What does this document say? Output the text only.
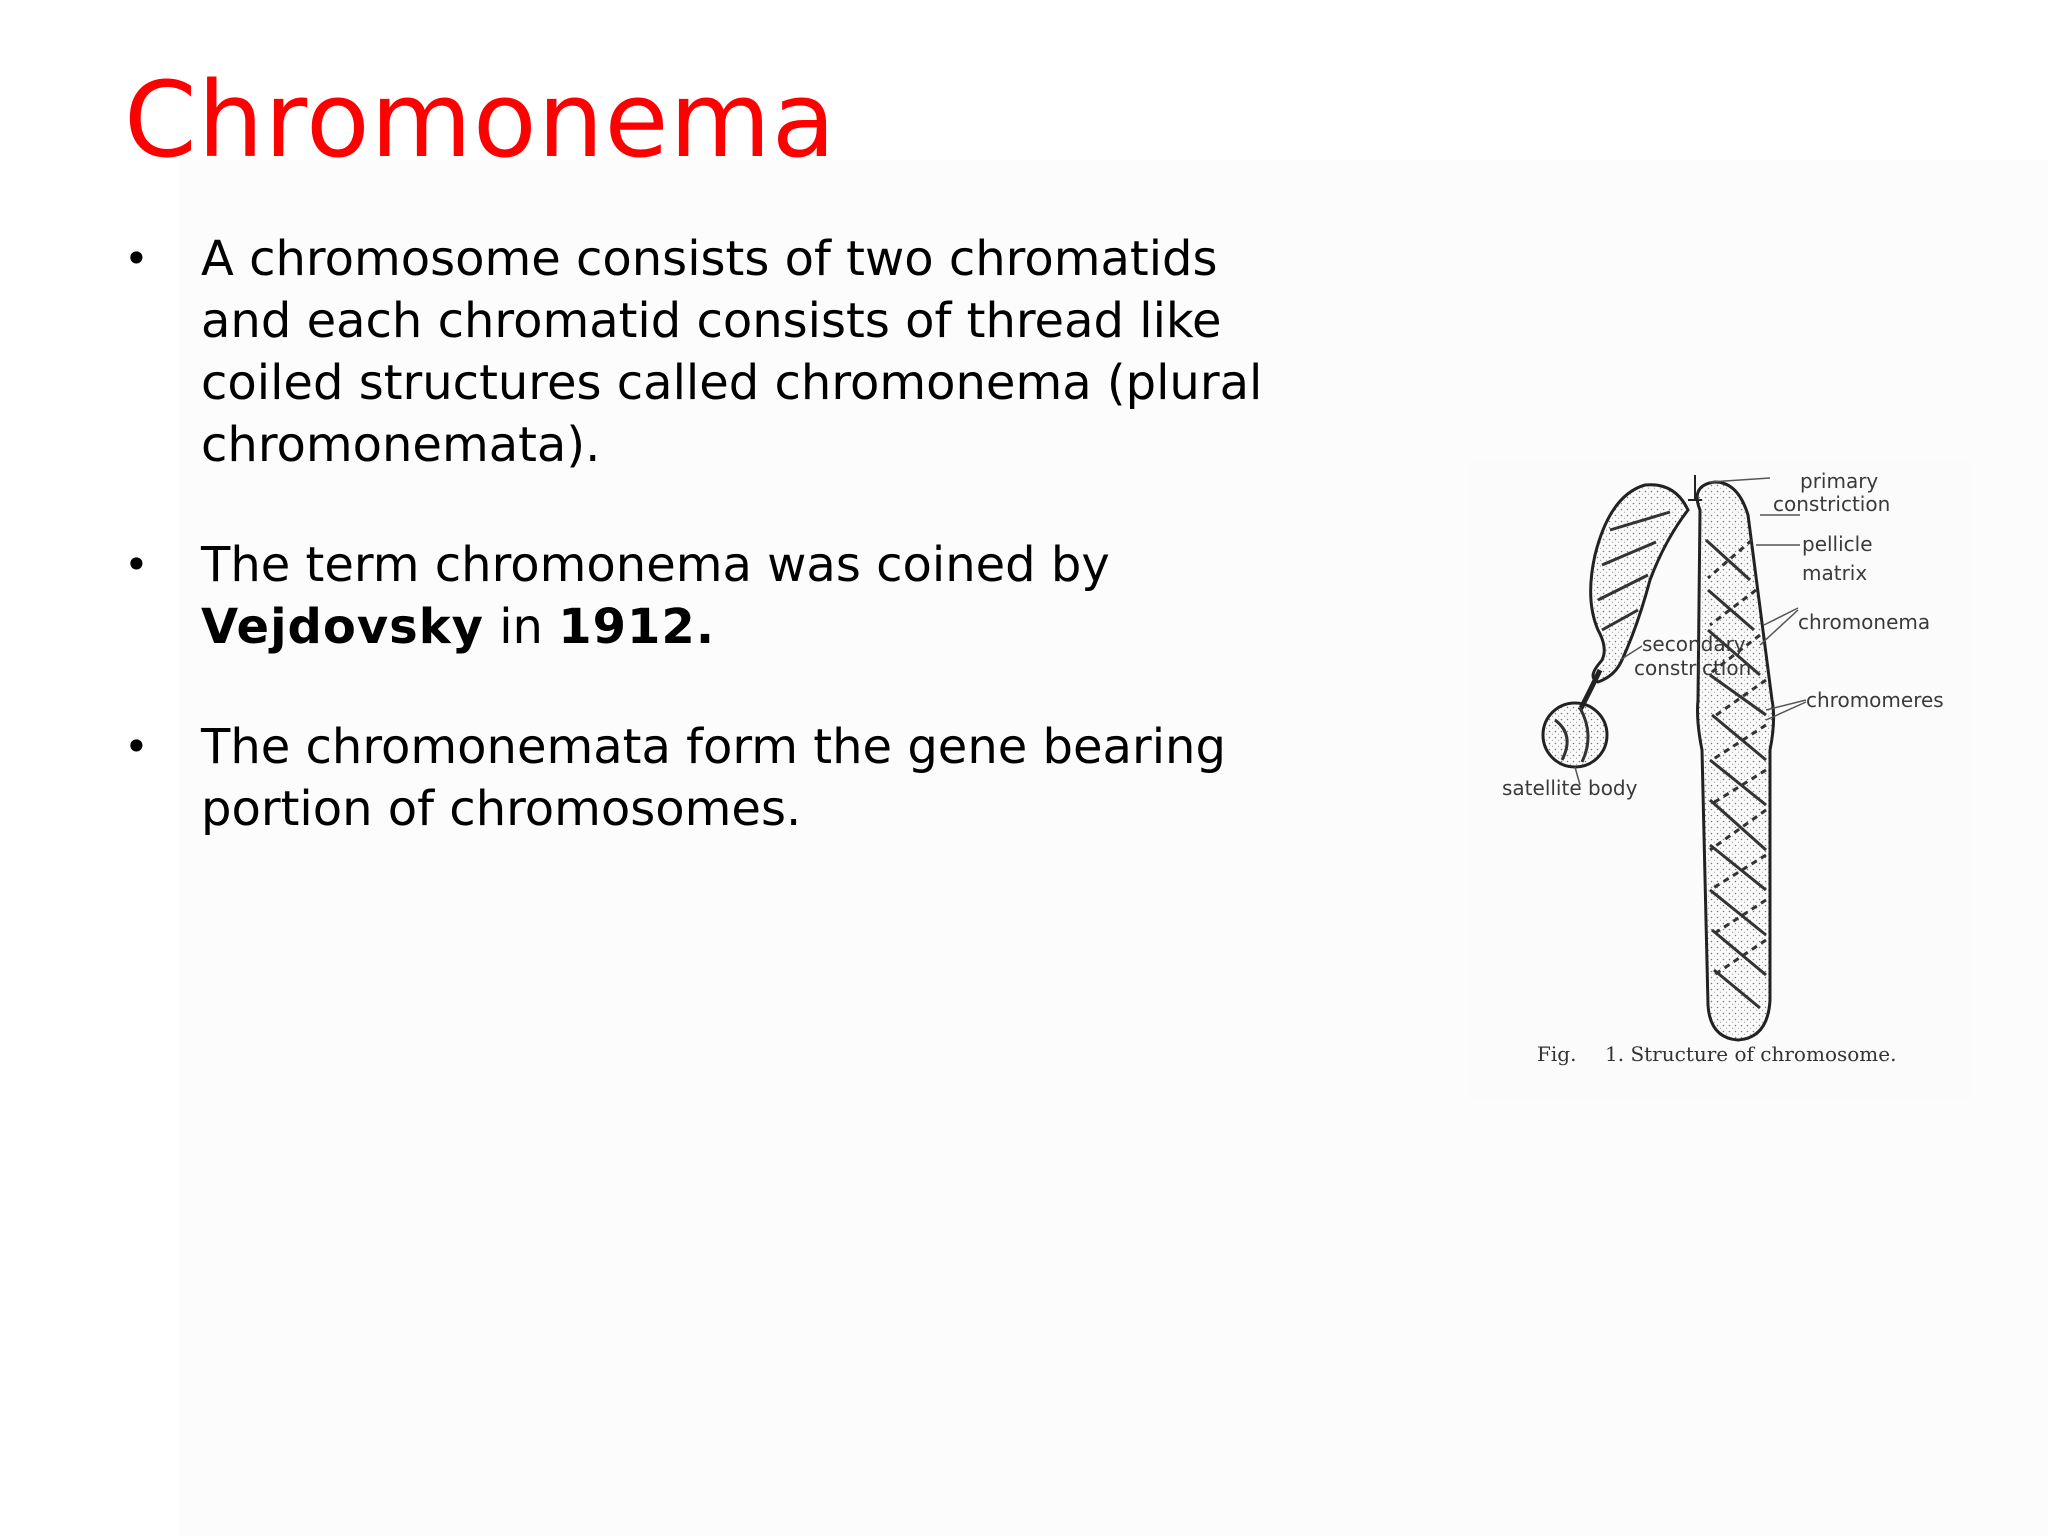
Chromonema
• A chromosome consists of two chromatids and each chromatid consists of thread like coiled structures called chromonema (plural chromonemata).
• The term chromonema was coined by Vejdovsky in 1912.
• The chromonemata form the gene bearing portion of chromosomes.
primary
constriction
pellicle
matrix
chromonema
chromomeres
secondary
constriction
satellite body
Fig. 1. Structure of chromosome.
